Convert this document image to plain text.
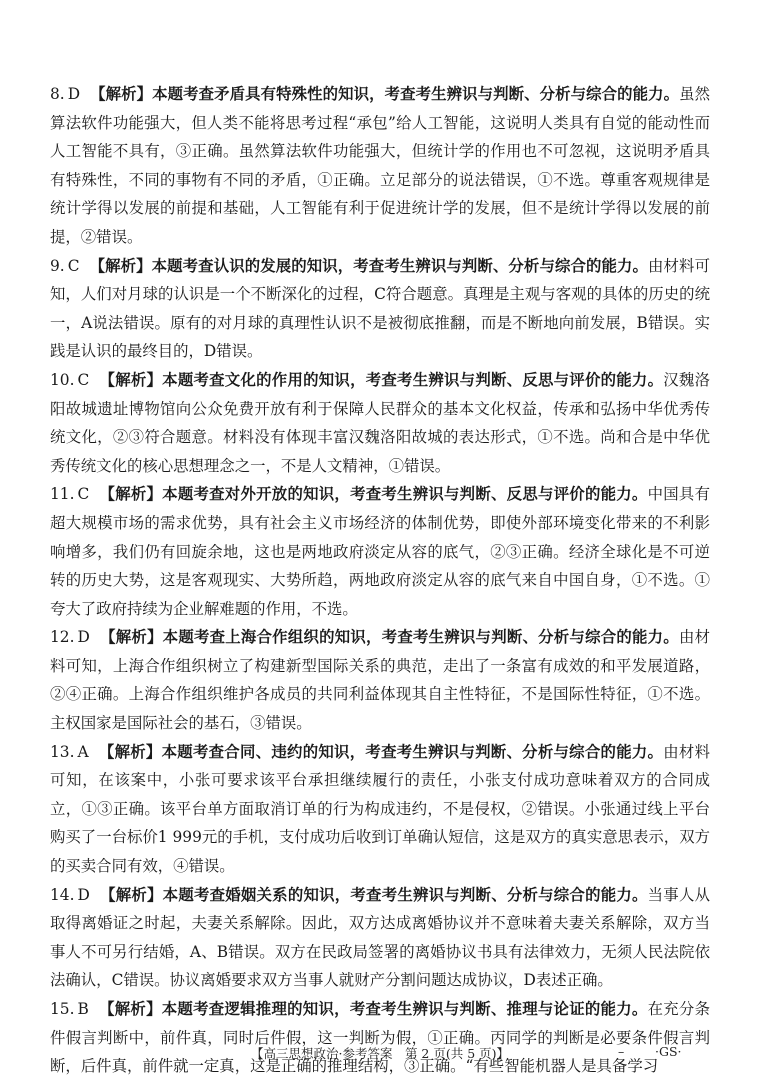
8. D 【解析】本题考查矛盾具有特殊性的知识，考查考生辨识与判断、分析与综合的能力。虽然算法软件功能强大，但人类不能将思考过程“承包”给人工智能，这说明人类具有自觉的能动性而人工智能不具有，③正确。虽然算法软件功能强大，但统计学的作用也不可忽视，这说明矛盾具有特殊性，不同的事物有不同的矛盾，①正确。立足部分的说法错误，①不选。尊重客观规律是统计学得以发展的前提和基础，人工智能有利于促进统计学的发展，但不是统计学得以发展的前提，②错误。
9. C 【解析】本题考查认识的发展的知识，考查考生辨识与判断、分析与综合的能力。由材料可知，人们对月球的认识是一个不断深化的过程，C符合题意。真理是主观与客观的具体的历史的统一，A说法错误。原有的对月球的真理性认识不是被彻底推翻，而是不断地向前发展，B错误。实践是认识的最终目的，D错误。
10. C 【解析】本题考查文化的作用的知识，考查考生辨识与判断、反思与评价的能力。汉魏洛阳故城遗址博物馆向公众免费开放有利于保障人民群众的基本文化权益，传承和弘扬中华优秀传统文化，②③符合题意。材料没有体现丰富汉魏洛阳故城的表达形式，①不选。尚和合是中华优秀传统文化的核心思想理念之一，不是人文精神，①错误。
11. C 【解析】本题考查对外开放的知识，考查考生辨识与判断、反思与评价的能力。中国具有超大规模市场的需求优势，具有社会主义市场经济的体制优势，即使外部环境变化带来的不利影响增多，我们仍有回旋余地，这也是两地政府淡定从容的底气，②③正确。经济全球化是不可逆转的历史大势，这是客观现实、大势所趋，两地政府淡定从容的底气来自中国自身，①不选。①夸大了政府持续为企业解难题的作用，不选。
12. D 【解析】本题考查上海合作组织的知识，考查考生辨识与判断、分析与综合的能力。由材料可知，上海合作组织树立了构建新型国际关系的典范，走出了一条富有成效的和平发展道路，②④正确。上海合作组织维护各成员的共同利益体现其自主性特征，不是国际性特征，①不选。主权国家是国际社会的基石，③错误。
13. A 【解析】本题考查合同、违约的知识，考查考生辨识与判断、分析与综合的能力。由材料可知，在该案中，小张可要求该平台承担继续履行的责任，小张支付成功意味着双方的合同成立，①③正确。该平台单方面取消订单的行为构成违约，不是侵权，②错误。小张通过线上平台购买了一台标价1 999元的手机，支付成功后收到订单确认短信，这是双方的真实意思表示，双方的买卖合同有效，④错误。
14. D 【解析】本题考查婚姻关系的知识，考查考生辨识与判断、分析与综合的能力。当事人从取得离婚证之时起，夫妻关系解除。因此，双方达成离婚协议并不意味着夫妻关系解除，双方当事人不可另行结婚，A、B错误。双方在民政局签署的离婚协议书具有法律效力，无须人民法院依法确认，C错误。协议离婚要求双方当事人就财产分割问题达成协议，D表述正确。
15. B 【解析】本题考查逻辑推理的知识，考查考生辨识与判断、推理与论证的能力。在充分条件假言判断中，前件真，同时后件假，这一判断为假，①正确。丙同学的判断是必要条件假言判断，后件真，前件就一定真，这是正确的推理结构，③正确。“有些智能机器人是具备学习
【高三思想政治·参考答案　第 2 页(共 5 页)】	– ·GS·
